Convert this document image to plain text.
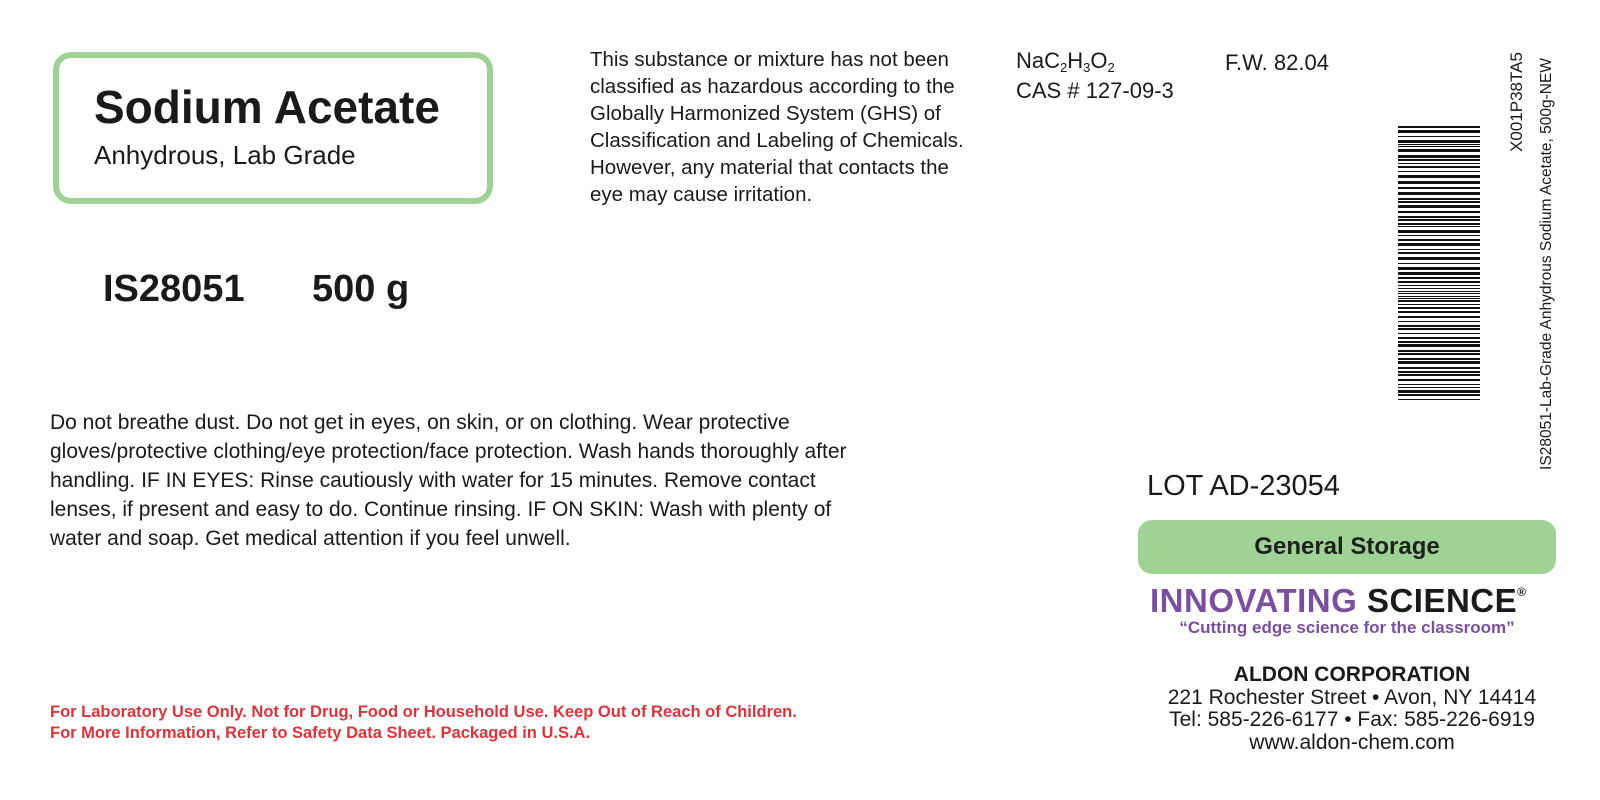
Sodium Acetate
Anhydrous, Lab Grade
IS28051 500 g
This substance or mixture has not been classified as hazardous according to the Globally Harmonized System (GHS) of Classification and Labeling of Chemicals. However, any material that contacts the eye may cause irritation.
$NaC_2H_3O_2$	F.W. 82.04
CAS # 127-09-3
Do not breathe dust. Do not get in eyes, on skin, or on clothing. Wear protective gloves/protective clothing/eye protection/face protection. Wash hands thoroughly after handling. IF IN EYES: Rinse cautiously with water for 15 minutes. Remove contact lenses, if present and easy to do. Continue rinsing. IF ON SKIN: Wash with plenty of water and soap. Get medical attention if you feel unwell.
X001P38TA5 IS28051-Lab-Grade Anhydrous Sodium Acetate, 500g-NEW
LOT AD-23054
General Storage
INNOVATING SCIENCE®
“Cutting edge science for the classroom”
ALDON CORPORATION
221 Rochester Street • Avon, NY 14414
Tel: 585-226-6177 • Fax: 585-226-6919
www.aldon-chem.com
For Laboratory Use Only. Not for Drug, Food or Household Use. Keep Out of Reach of Children.
For More Information, Refer to Safety Data Sheet. Packaged in U.S.A.
